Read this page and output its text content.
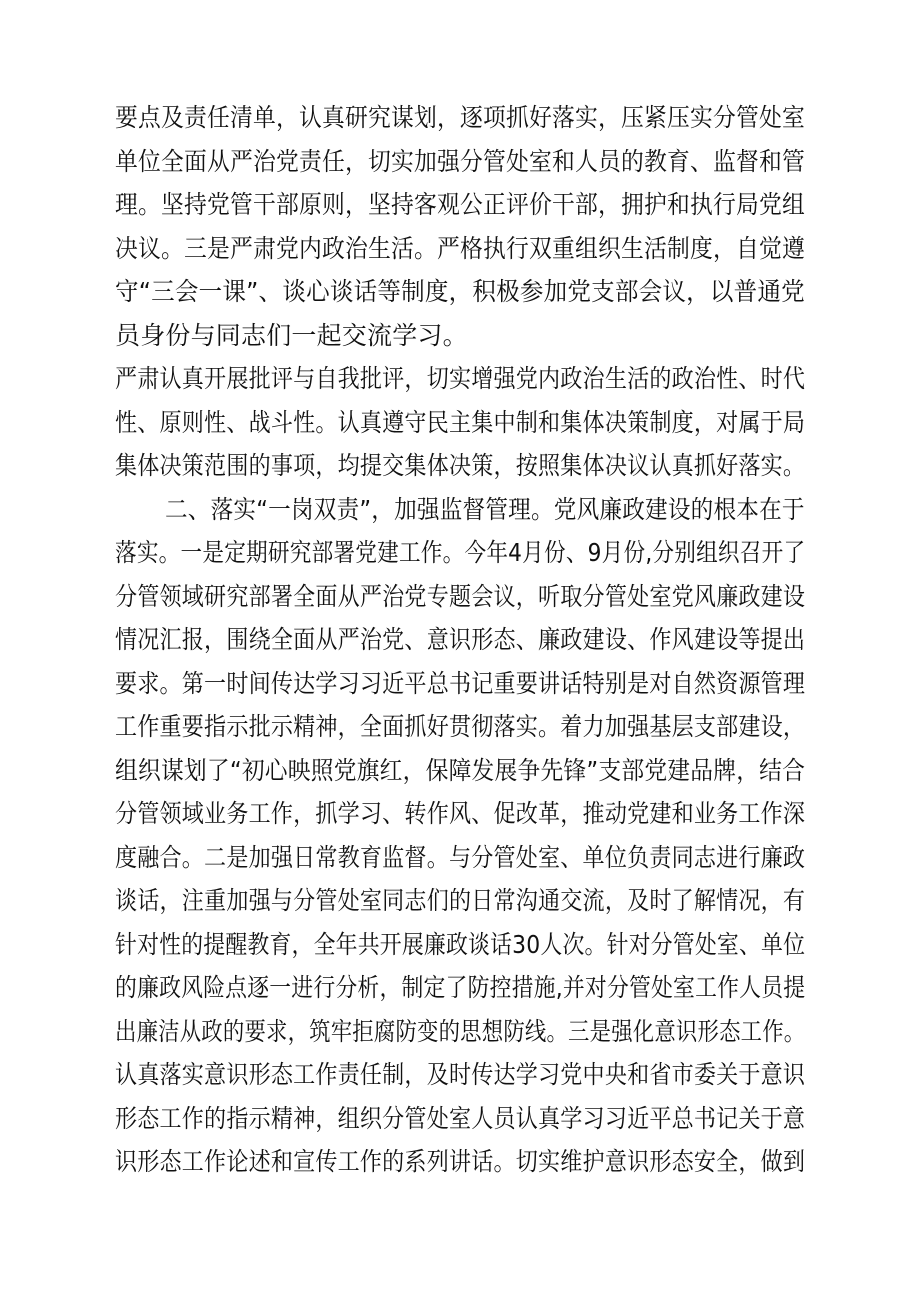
要点及责任清单，认真研究谋划，逐项抓好落实，压紧压实分管处室
单位全面从严治党责任，切实加强分管处室和人员的教育、监督和管
理。坚持党管干部原则，坚持客观公正评价干部，拥护和执行局党组
决议。三是严肃党内政治生活。严格执行双重组织生活制度，自觉遵
守“三会一课”、谈心谈话等制度，积极参加党支部会议，以普通党
员身份与同志们一起交流学习。
严肃认真开展批评与自我批评，切实增强党内政治生活的政治性、时代
性、原则性、战斗性。认真遵守民主集中制和集体决策制度，对属于局
集体决策范围的事项，均提交集体决策，按照集体决议认真抓好落实。
二、落实“一岗双责”，加强监督管理。党风廉政建设的根本在于
落实。一是定期研究部署党建工作。今年4月份、9月份,分别组织召开了
分管领域研究部署全面从严治党专题会议，听取分管处室党风廉政建设
情况汇报，围绕全面从严治党、意识形态、廉政建设、作风建设等提出
要求。第一时间传达学习习近平总书记重要讲话特别是对自然资源管理
工作重要指示批示精神，全面抓好贯彻落实。着力加强基层支部建设，
组织谋划了“初心映照党旗红，保障发展争先锋”支部党建品牌，结合
分管领域业务工作，抓学习、转作风、促改革，推动党建和业务工作深
度融合。二是加强日常教育监督。与分管处室、单位负责同志进行廉政
谈话，注重加强与分管处室同志们的日常沟通交流，及时了解情况，有
针对性的提醒教育，全年共开展廉政谈话30人次。针对分管处室、单位
的廉政风险点逐一进行分析，制定了防控措施,并对分管处室工作人员提
出廉洁从政的要求，筑牢拒腐防变的思想防线。三是强化意识形态工作。
认真落实意识形态工作责任制，及时传达学习党中央和省市委关于意识
形态工作的指示精神，组织分管处室人员认真学习习近平总书记关于意
识形态工作论述和宣传工作的系列讲话。切实维护意识形态安全，做到
